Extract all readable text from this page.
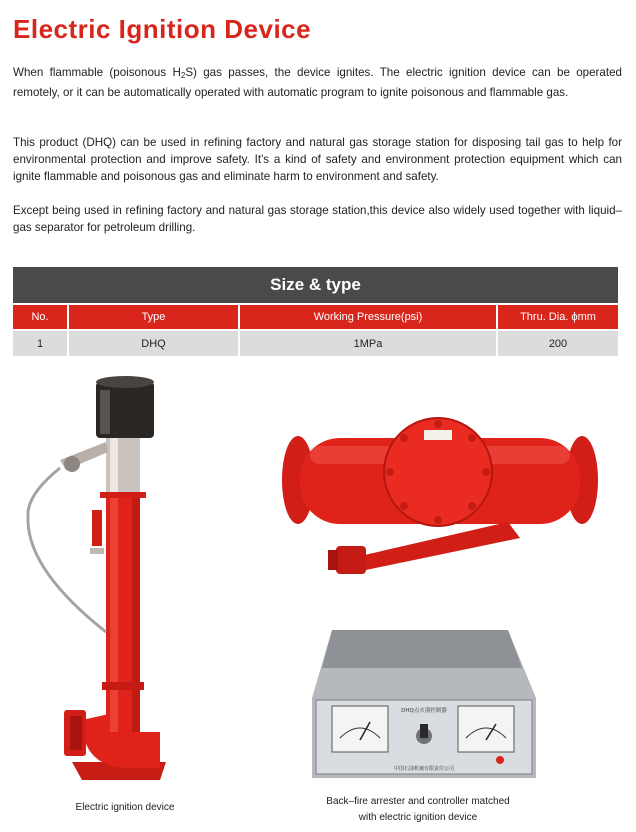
Electric Ignition Device

When flammable (poisonous $H_2S$) gas passes, the device ignites. The electric ignition device can be operated remotely, or it can be automatically operated with automatic program to ignite poisonous and flammable gas.

This product (DHQ) can be used in refining factory and natural gas storage station for disposing tail gas to help for environmental protection and improve safety. It's a kind of safety and environment protection equipment which can ignite flammable and poisonous gas and eliminate harm to environment and safety.

Except being used in refining factory and natural gas storage station,this device also widely used together with liquid–gas separator for petroleum drilling.

Size & type
No.	Type	Working Pressure(psi)	Thru. Dia. ϕmm
1	DHQ	1MPa	200
DHQ点火器控制器
中国石油机械有限责任公司

Electric ignition device

Back–fire arrester and controller matched
with electric ignition device
